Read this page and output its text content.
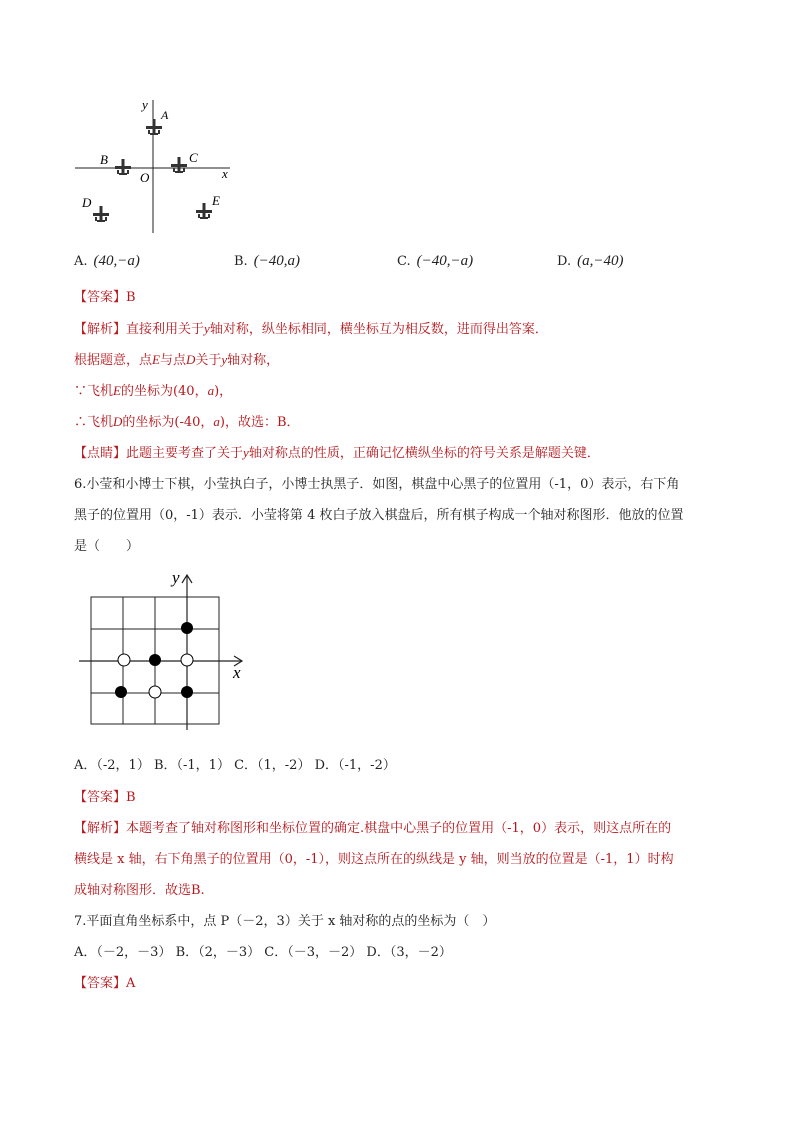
x
y
O
A
B	C
D	E
A. (40,−a)	B. (−40,a)	C. (−40,−a)	D. (a,−40)
【答案】B
【解析】直接利用关于y轴对称，纵坐标相同，横坐标互为相反数，进而得出答案．
根据题意，点E与点D关于y轴对称，
∵飞机E的坐标为(40，a)，
∴飞机D的坐标为(-40，a)，故选：B．
【点睛】此题主要考查了关于y轴对称点的性质，正确记忆横纵坐标的符号关系是解题关键．
6.小莹和小博士下棋，小莹执白子，小博士执黑子．如图，棋盘中心黑子的位置用（-1，0）表示，右下角
黑子的位置用（0，-1）表示．小莹将第 4 枚白子放入棋盘后，所有棋子构成一个轴对称图形．他放的位置
是（　　）
x
y
A．（-2，1） B．（-1，1） C．（1，-2） D．（-1，-2）
【答案】B
【解析】本题考查了轴对称图形和坐标位置的确定.棋盘中心黑子的位置用（-1，0）表示，则这点所在的
横线是 x 轴，右下角黑子的位置用（0，-1），则这点所在的纵线是 y 轴，则当放的位置是（-1，1）时构
成轴对称图形．故选B.
7.平面直角坐标系中，点 P（－2，3）关于 x 轴对称的点的坐标为（　）
A．（－2，－3） B．（2，－3） C．（－3，－2） D．（3，－2）
【答案】A
